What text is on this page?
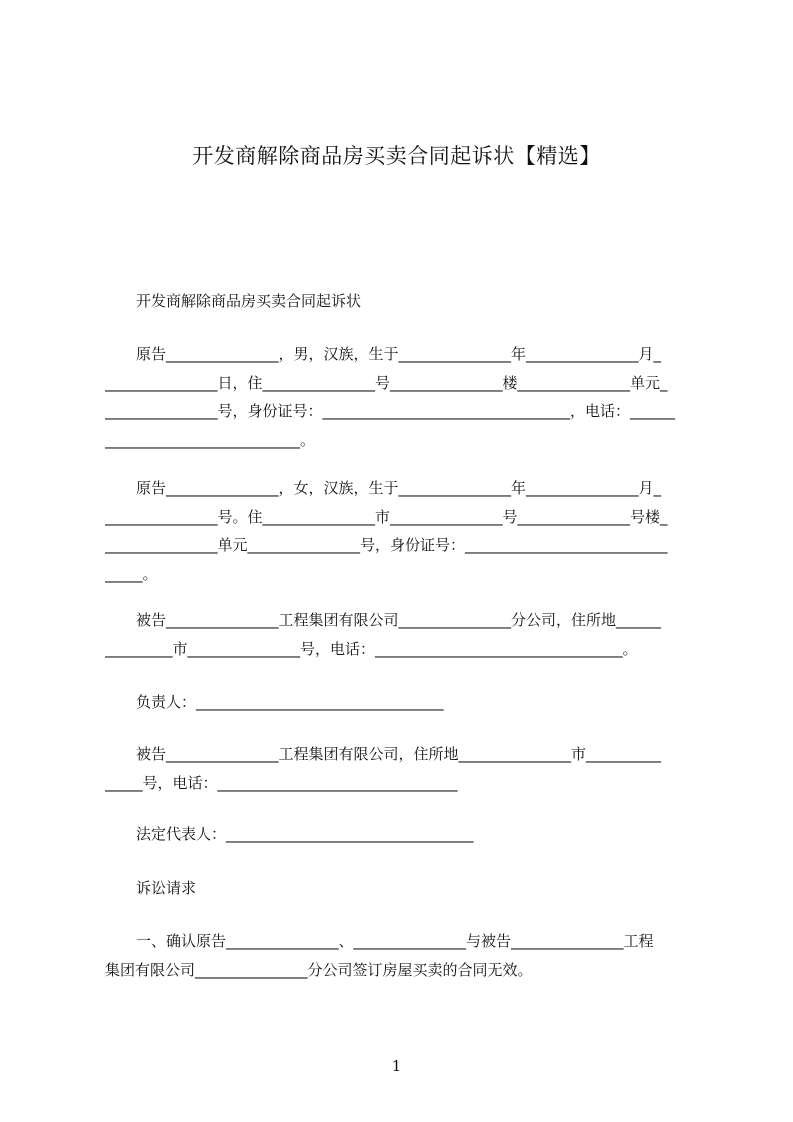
开发商解除商品房买卖合同起诉状【精选】

开发商解除商品房买卖合同起诉状

原告_______________，男，汉族，生于_______________年_______________月_
_______________日，住_______________号_______________楼_______________单元_
_______________号，身份证号：_________________________________，电话：______
__________________________。
原告_______________，女，汉族，生于_______________年_______________月_
_______________号。住_______________市_______________号_______________号楼_
_______________单元_______________号，身份证号：___________________________
_____。
被告_______________工程集团有限公司_______________分公司，住所地______
_________市_______________号，电话：_________________________________。

负责人：_________________________________

被告_______________工程集团有限公司，住所地_______________市__________
_____号，电话：________________________________

法定代表人：_________________________________

诉讼请求

一、确认原告_______________、_______________与被告_______________工程
集团有限公司_______________分公司签订房屋买卖的合同无效。
1
